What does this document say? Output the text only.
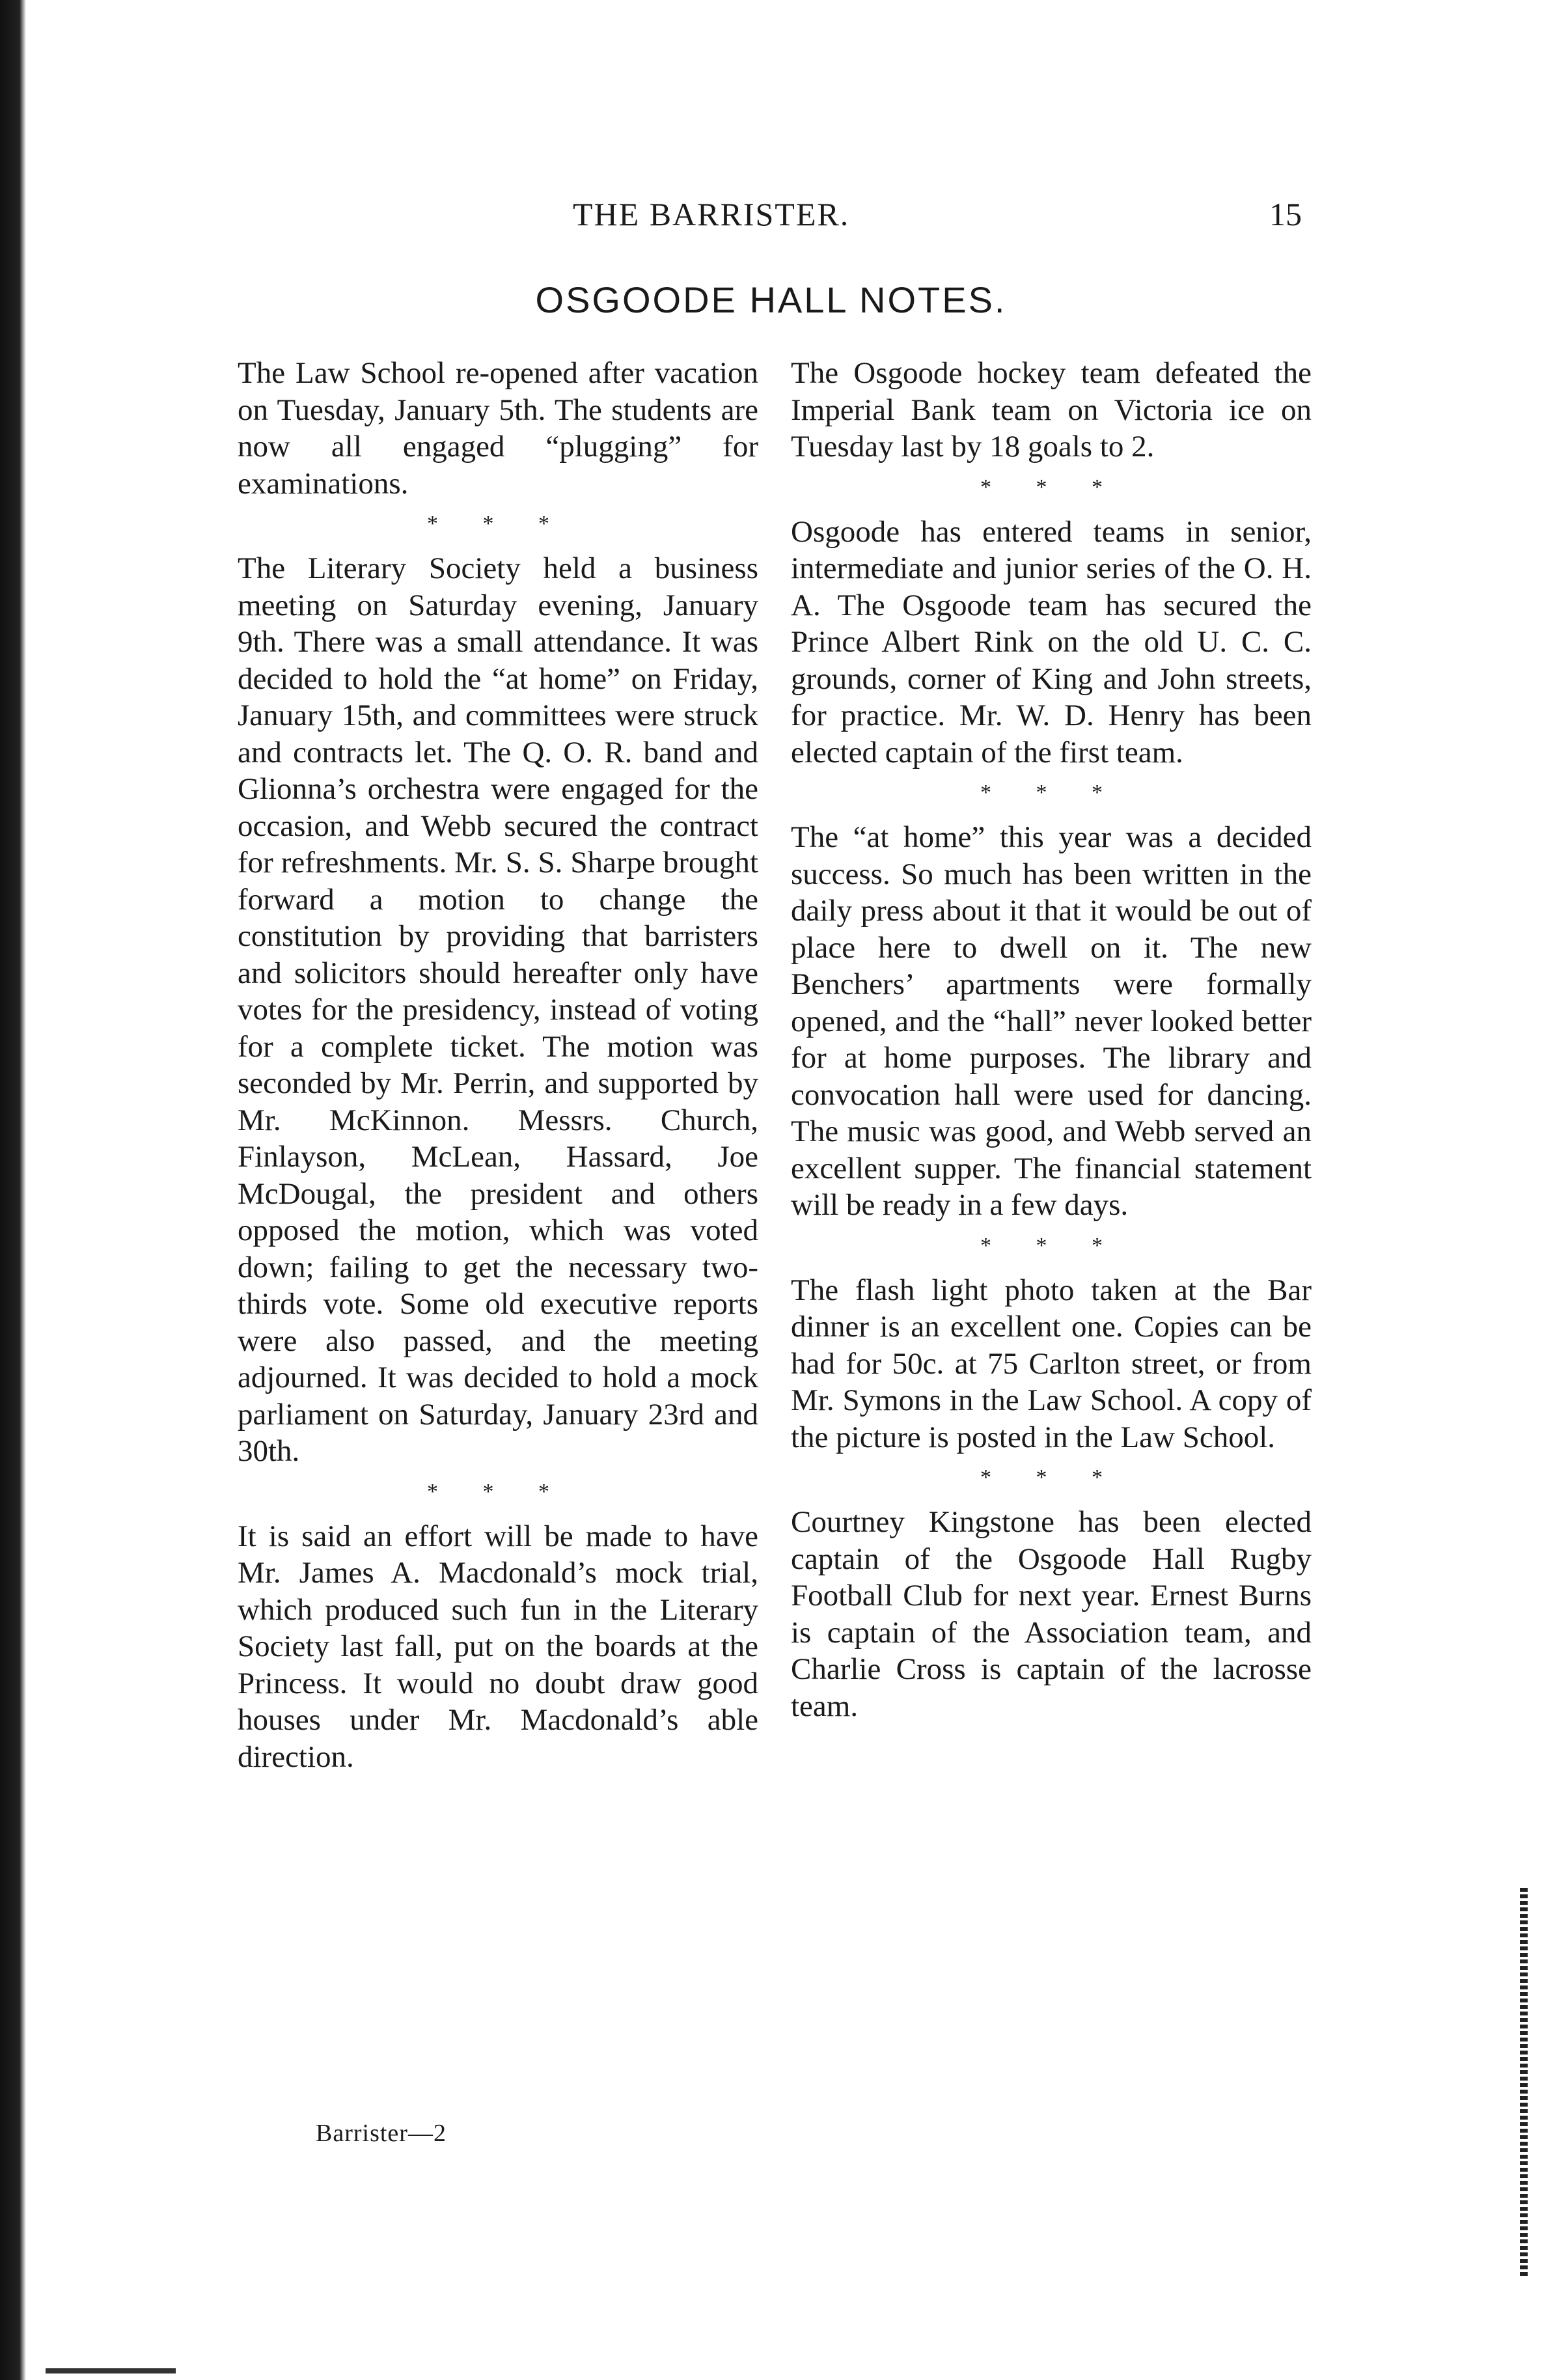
THE BARRISTER.	15
OSGOODE HALL NOTES.

The Law School re-opened after vacation on Tuesday, January 5th. The students are now all engaged “plugging” for examinations.

* * *

The Literary Society held a business meeting on Saturday evening, January 9th. There was a small attendance. It was decided to hold the “at home” on Friday, January 15th, and committees were struck and contracts let. The Q. O. R. band and Glionna’s orchestra were engaged for the occasion, and Webb secured the contract for refreshments. Mr. S. S. Sharpe brought forward a motion to change the constitution by providing that barristers and solicitors should hereafter only have votes for the presidency, instead of voting for a complete ticket. The motion was seconded by Mr. Perrin, and supported by Mr. McKinnon. Messrs. Church, Finlayson, McLean, Hassard, Joe McDougal, the president and others opposed the motion, which was voted down; failing to get the necessary two-thirds vote. Some old executive reports were also passed, and the meeting adjourned. It was decided to hold a mock parliament on Saturday, January 23rd and 30th.

* * *

It is said an effort will be made to have Mr. James A. Macdonald’s mock trial, which produced such fun in the Literary Society last fall, put on the boards at the Princess. It would no doubt draw good houses under Mr. Macdonald’s able direction.

The Osgoode hockey team defeated the Imperial Bank team on Victoria ice on Tuesday last by 18 goals to 2.

* * *

Osgoode has entered teams in senior, intermediate and junior series of the O. H. A. The Osgoode team has secured the Prince Albert Rink on the old U. C. C. grounds, corner of King and John streets, for practice. Mr. W. D. Henry has been elected captain of the first team.

* * *

The “at home” this year was a decided success. So much has been written in the daily press about it that it would be out of place here to dwell on it. The new Benchers’ apartments were formally opened, and the “hall” never looked better for at home purposes. The library and convocation hall were used for dancing. The music was good, and Webb served an excellent supper. The financial statement will be ready in a few days.

* * *

The flash light photo taken at the Bar dinner is an excellent one. Copies can be had for 50c. at 75 Carlton street, or from Mr. Symons in the Law School. A copy of the picture is posted in the Law School.

* * *

Courtney Kingstone has been elected captain of the Osgoode Hall Rugby Football Club for next year. Ernest Burns is captain of the Association team, and Charlie Cross is captain of the lacrosse team.

Barrister—2
